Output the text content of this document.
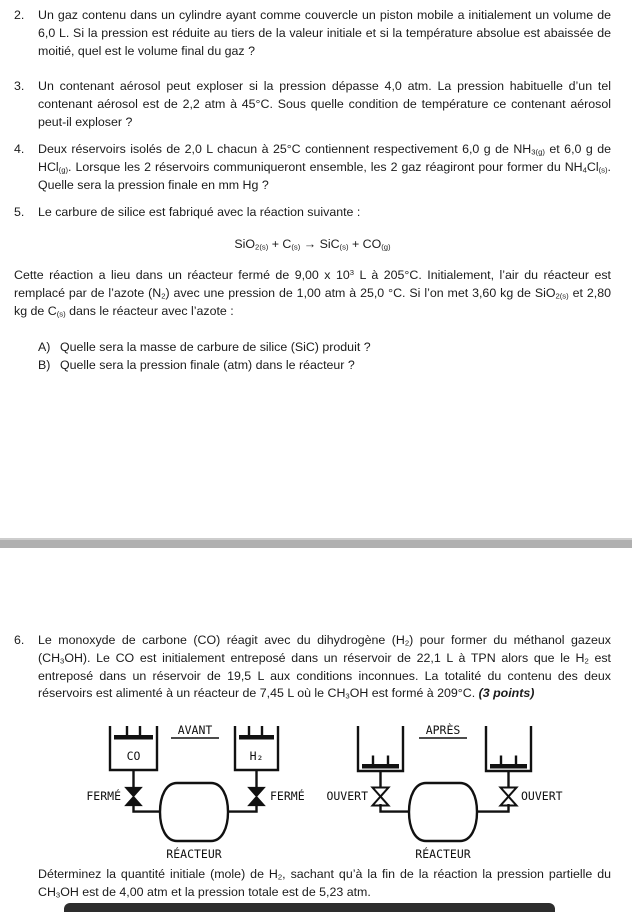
2.	Un gaz contenu dans un cylindre ayant comme couvercle un piston mobile a initialement un volume de 6,0 L. Si la pression est réduite au tiers de la valeur initiale et si la température absolue est abaissée de moitié, quel est le volume final du gaz ?
3.	Un contenant aérosol peut exploser si la pression dépasse 4,0 atm. La pression habituelle d’un tel contenant aérosol est de 2,2 atm à 45°C. Sous quelle condition de température ce contenant aérosol peut-il exploser ?
4.	Deux réservoirs isolés de 2,0 L chacun à 25°C contiennent respectivement 6,0 g de $NH_{3(g)}$ et 6,0 g de HCl$_{(g)}$. Lorsque les 2 réservoirs communiqueront ensemble, les 2 gaz réagiront pour former du $NH_4Cl_{(s)}$. Quelle sera la pression finale en mm Hg ?
5.	Le carbure de silice est fabriqué avec la réaction suivante :
$SiO_{2(s)} + C_{(s)} \to SiC_{(s)} + CO_{(g)}$
Cette réaction a lieu dans un réacteur fermé de 9,00 x $10^3$ L à 205°C. Initialement, l’air du réacteur est remplacé par de l’azote $(N_2)$ avec une pression de 1,00 atm à 25,0 °C. Si l’on met 3,60 kg de SiO$_{2(s)}$ et 2,80 kg de $C_{(s)}$ dans le réacteur avec l’azote :
A) Quelle sera la masse de carbure de silice (SiC) produit ?
B) Quelle sera la pression finale (atm) dans le réacteur ?
6.	Le monoxyde de carbone (CO) réagit avec du dihydrogène $(H_2)$ pour former du méthanol gazeux $(CH_3OH)$. Le CO est initialement entreposé dans un réservoir de 22,1 L à TPN alors que le $H_2$ est entreposé dans un réservoir de 19,5 L aux conditions inconnues. La totalité du contenu des deux réservoirs est alimenté à un réacteur de 7,45 L où le $CH_3OH$ est formé à 209°C. (3 points)
AVANT
CO
FERMÉ
H₂
FERMÉ
RÉACTEUR
APRÈS
OUVERT	OUVERT
RÉACTEUR
Déterminez la quantité initiale (mole) de $H_2$, sachant qu’à la fin de la réaction la pression partielle du $CH_3OH$ est de 4,00 atm et la pression totale est de 5,23 atm.
